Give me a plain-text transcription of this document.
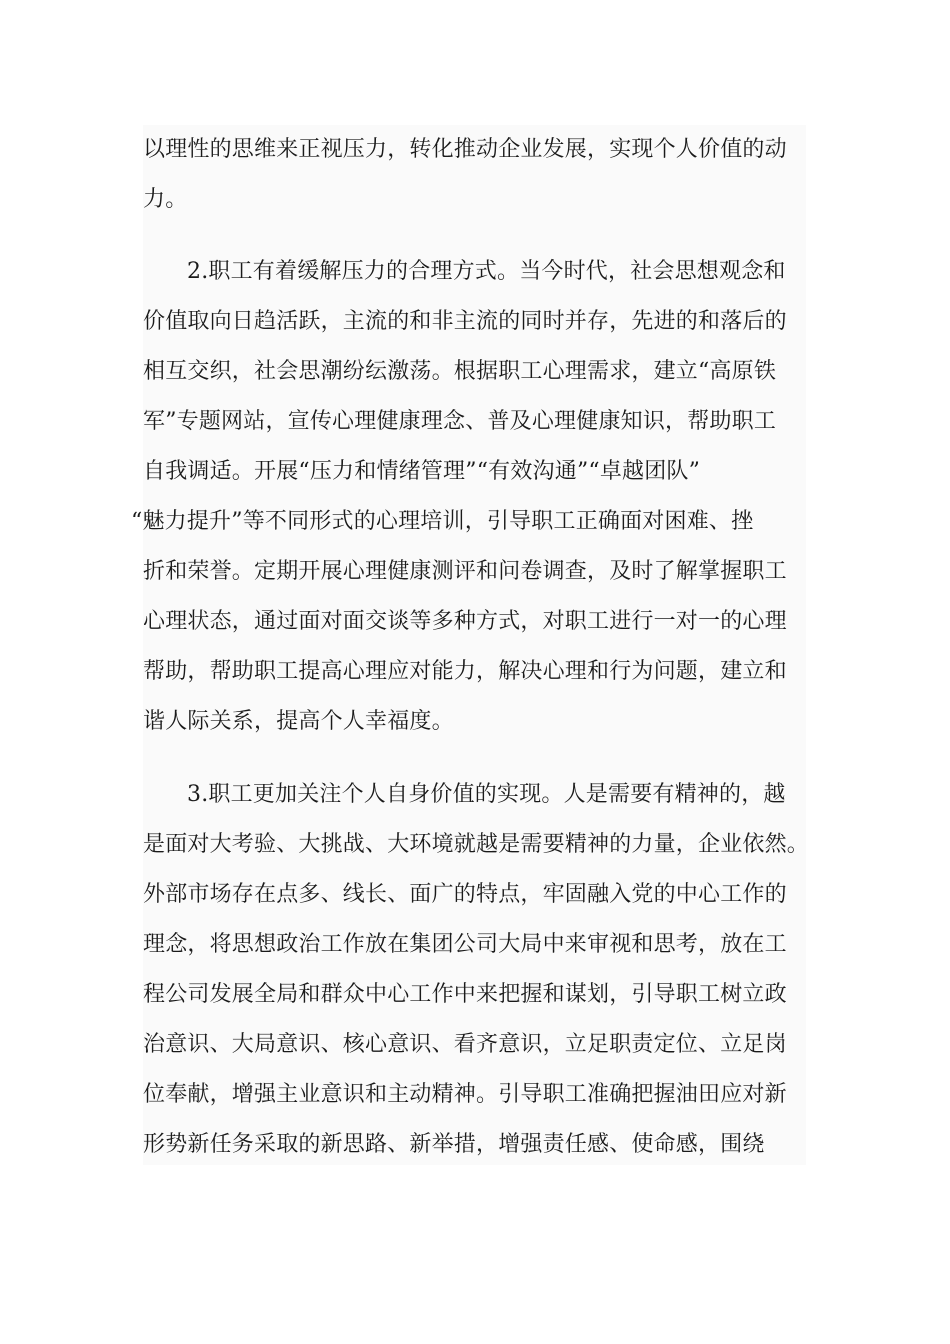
以理性的思维来正视压力，转化推动企业发展，实现个人价值的动
力。
2.职工有着缓解压力的合理方式。当今时代，社会思想观念和
价值取向日趋活跃，主流的和非主流的同时并存，先进的和落后的
相互交织，社会思潮纷纭激荡。根据职工心理需求，建立“高原铁
军”专题网站，宣传心理健康理念、普及心理健康知识，帮助职工
自我调适。开展“压力和情绪管理”“有效沟通”“卓越团队”
“魅力提升”等不同形式的心理培训，引导职工正确面对困难、挫
折和荣誉。定期开展心理健康测评和问卷调查，及时了解掌握职工
心理状态，通过面对面交谈等多种方式，对职工进行一对一的心理
帮助，帮助职工提高心理应对能力，解决心理和行为问题，建立和
谐人际关系，提高个人幸福度。
3.职工更加关注个人自身价值的实现。人是需要有精神的，越
是面对大考验、大挑战、大环境就越是需要精神的力量，企业依然。
外部市场存在点多、线长、面广的特点，牢固融入党的中心工作的
理念，将思想政治工作放在集团公司大局中来审视和思考，放在工
程公司发展全局和群众中心工作中来把握和谋划，引导职工树立政
治意识、大局意识、核心意识、看齐意识，立足职责定位、立足岗
位奉献，增强主业意识和主动精神。引导职工准确把握油田应对新
形势新任务采取的新思路、新举措，增强责任感、使命感，围绕
